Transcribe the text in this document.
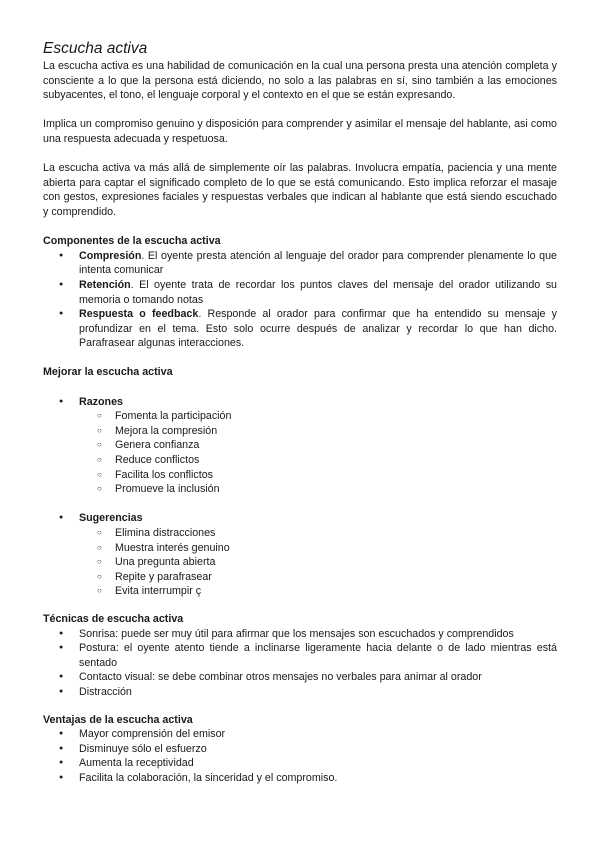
Escucha activa

La escucha activa es una habilidad de comunicación en la cual una persona presta una atención completa y consciente a lo que la persona está diciendo, no solo a las palabras en sí, sino también a las emociones subyacentes, el tono, el lenguaje corporal y el contexto en el que se están expresando.

Implica un compromiso genuino y disposición para comprender y asimilar el mensaje del hablante, asi como una respuesta adecuada y respetuosa.

La escucha activa va más allá de simplemente oír las palabras. Involucra empatía, paciencia y una mente abierta para captar el significado completo de lo que se está comunicando. Esto implica reforzar el masaje con gestos, expresiones faciales y respuestas verbales que indican al hablante que está siendo escuchado y comprendido.

Componentes de la escucha activa
● Compresión. El oyente presta atención al lenguaje del orador para comprender plenamente lo que intenta comunicar
● Retención. El oyente trata de recordar los puntos claves del mensaje del orador utilizando su memoria o tomando notas
● Respuesta o feedback. Responde al orador para confirmar que ha entendido su mensaje y profundizar en el tema. Esto solo ocurre después de analizar y recordar lo que han dicho. Parafrasear algunas interacciones.
Mejorar la escucha activa
● Razones
○ Fomenta la participación
○ Mejora la compresión
○ Genera confianza
○ Reduce conflictos
○ Facilita los conflictos
○ Promueve la inclusión
● Sugerencias
○ Elimina distracciones
○ Muestra interés genuino
○ Una pregunta abierta
○ Repite y parafrasear
○ Evita interrumpir ç
Técnicas de escucha activa
● Sonrisa: puede ser muy útil para afirmar que los mensajes son escuchados y comprendidos
● Postura: el oyente atento tiende a inclinarse ligeramente hacia delante o de lado mientras está sentado
● Contacto visual: se debe combinar otros mensajes no verbales para animar al orador
● Distracción
Ventajas de la escucha activa
● Mayor comprensión del emisor
● Disminuye sólo el esfuerzo
● Aumenta la receptividad
● Facilita la colaboración, la sinceridad y el compromiso.
